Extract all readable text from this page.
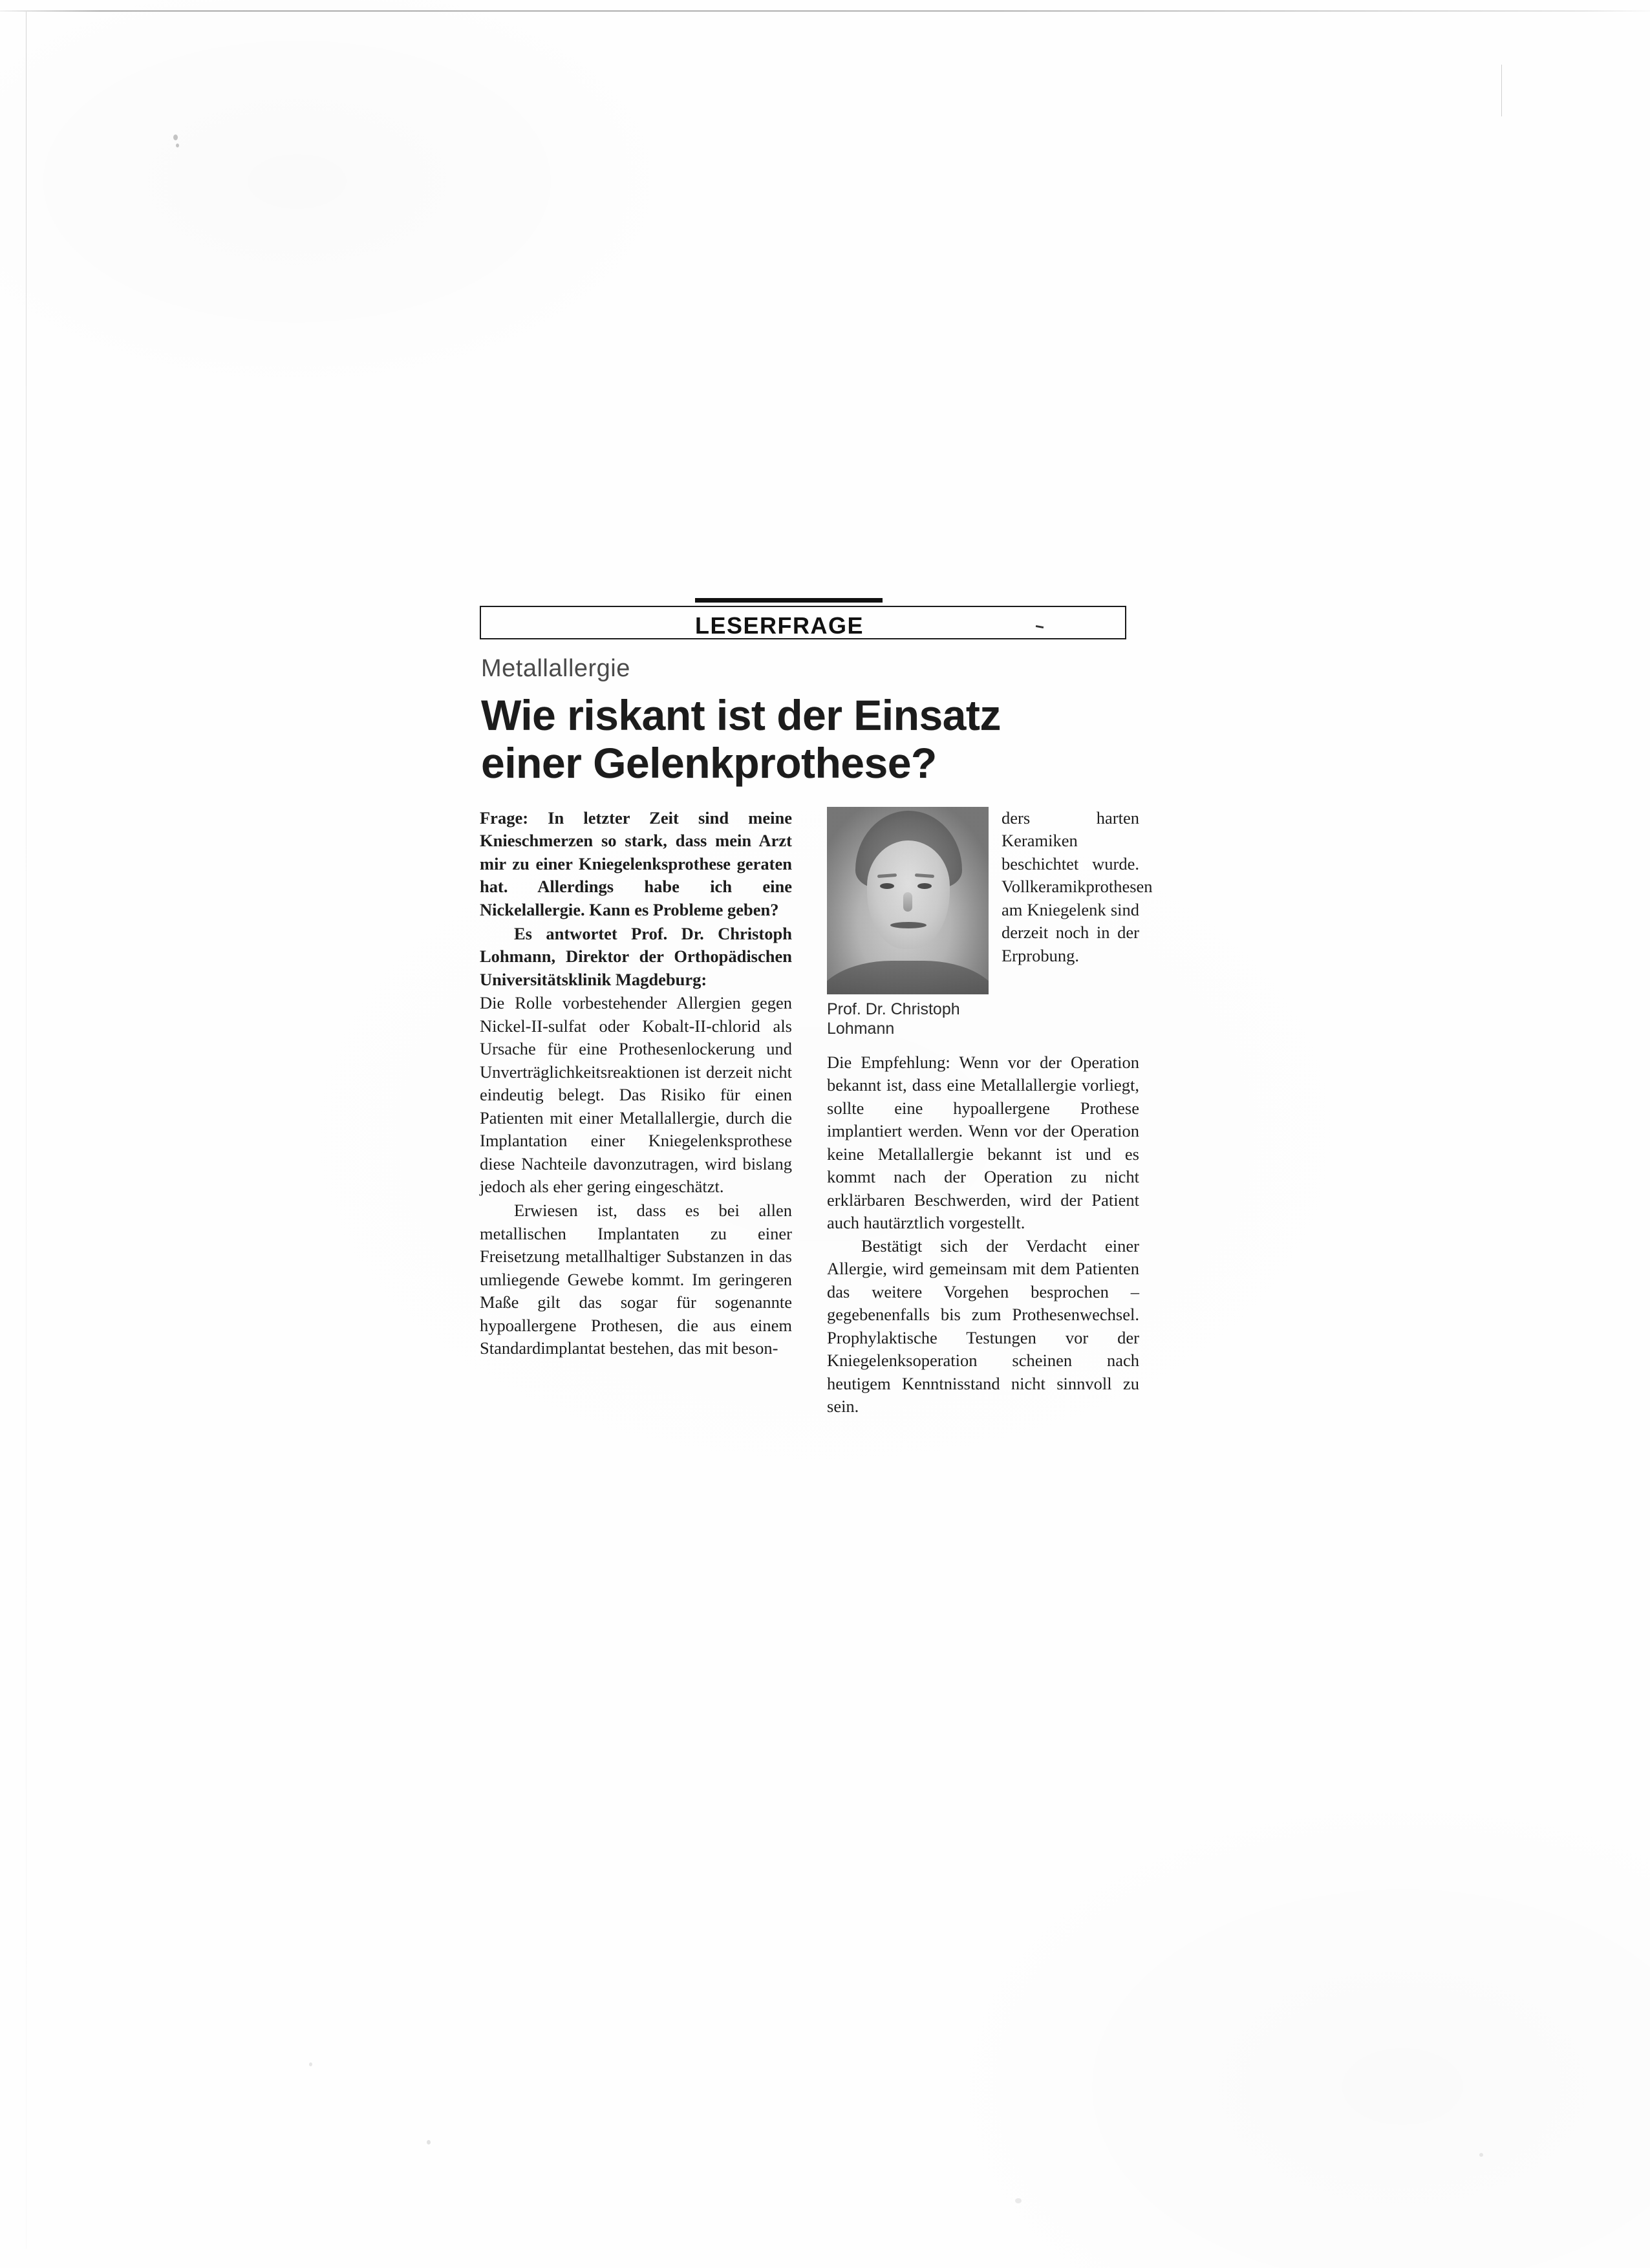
LESERFRAGE
Metallallergie
Wie riskant ist der Einsatz
einer Gelenkprothese?

Frage: In letzter Zeit sind meine Knieschmerzen so stark, dass mein Arzt mir zu einer Kniegelenksprothese geraten hat. Allerdings habe ich eine Nickelallergie. Kann es Probleme geben?

Es antwortet Prof. Dr. Christoph Lohmann, Direktor der Orthopädischen Universitätsklinik Magdeburg:

Die Rolle vorbestehender Allergien gegen Nickel-II-sulfat oder Kobalt-II-chlorid als Ursache für eine Prothesenlockerung und Unverträglichkeitsreaktionen ist derzeit nicht eindeutig belegt. Das Risiko für einen Patienten mit einer Metallallergie, durch die Implantation einer Kniegelenksprothese diese Nachteile davonzutragen, wird bislang jedoch als eher gering eingeschätzt.

Erwiesen ist, dass es bei allen metallischen Implantaten zu einer Freisetzung metallhaltiger Substanzen in das umliegende Gewebe kommt. Im geringeren Maße gilt das sogar für sogenannte hypoallergene Prothesen, die aus einem Standardimplantat bestehen, das mit beson-

Prof. Dr. Christoph Lohmann

ders harten Keramiken beschichtet wurde. Vollkeramikprothesen am Kniegelenk sind derzeit noch in der Erprobung.

Die Empfehlung: Wenn vor der Operation bekannt ist, dass eine Metallallergie vorliegt, sollte eine hypoallergene Prothese implantiert werden. Wenn vor der Operation keine Metallallergie bekannt ist und es kommt nach der Operation zu nicht erklärbaren Beschwerden, wird der Patient auch hautärztlich vorgestellt.

Bestätigt sich der Verdacht einer Allergie, wird gemeinsam mit dem Patienten das weitere Vorgehen besprochen – gegebenenfalls bis zum Prothesenwechsel. Prophylaktische Testungen vor der Kniegelenksoperation scheinen nach heutigem Kenntnisstand nicht sinnvoll zu sein.
